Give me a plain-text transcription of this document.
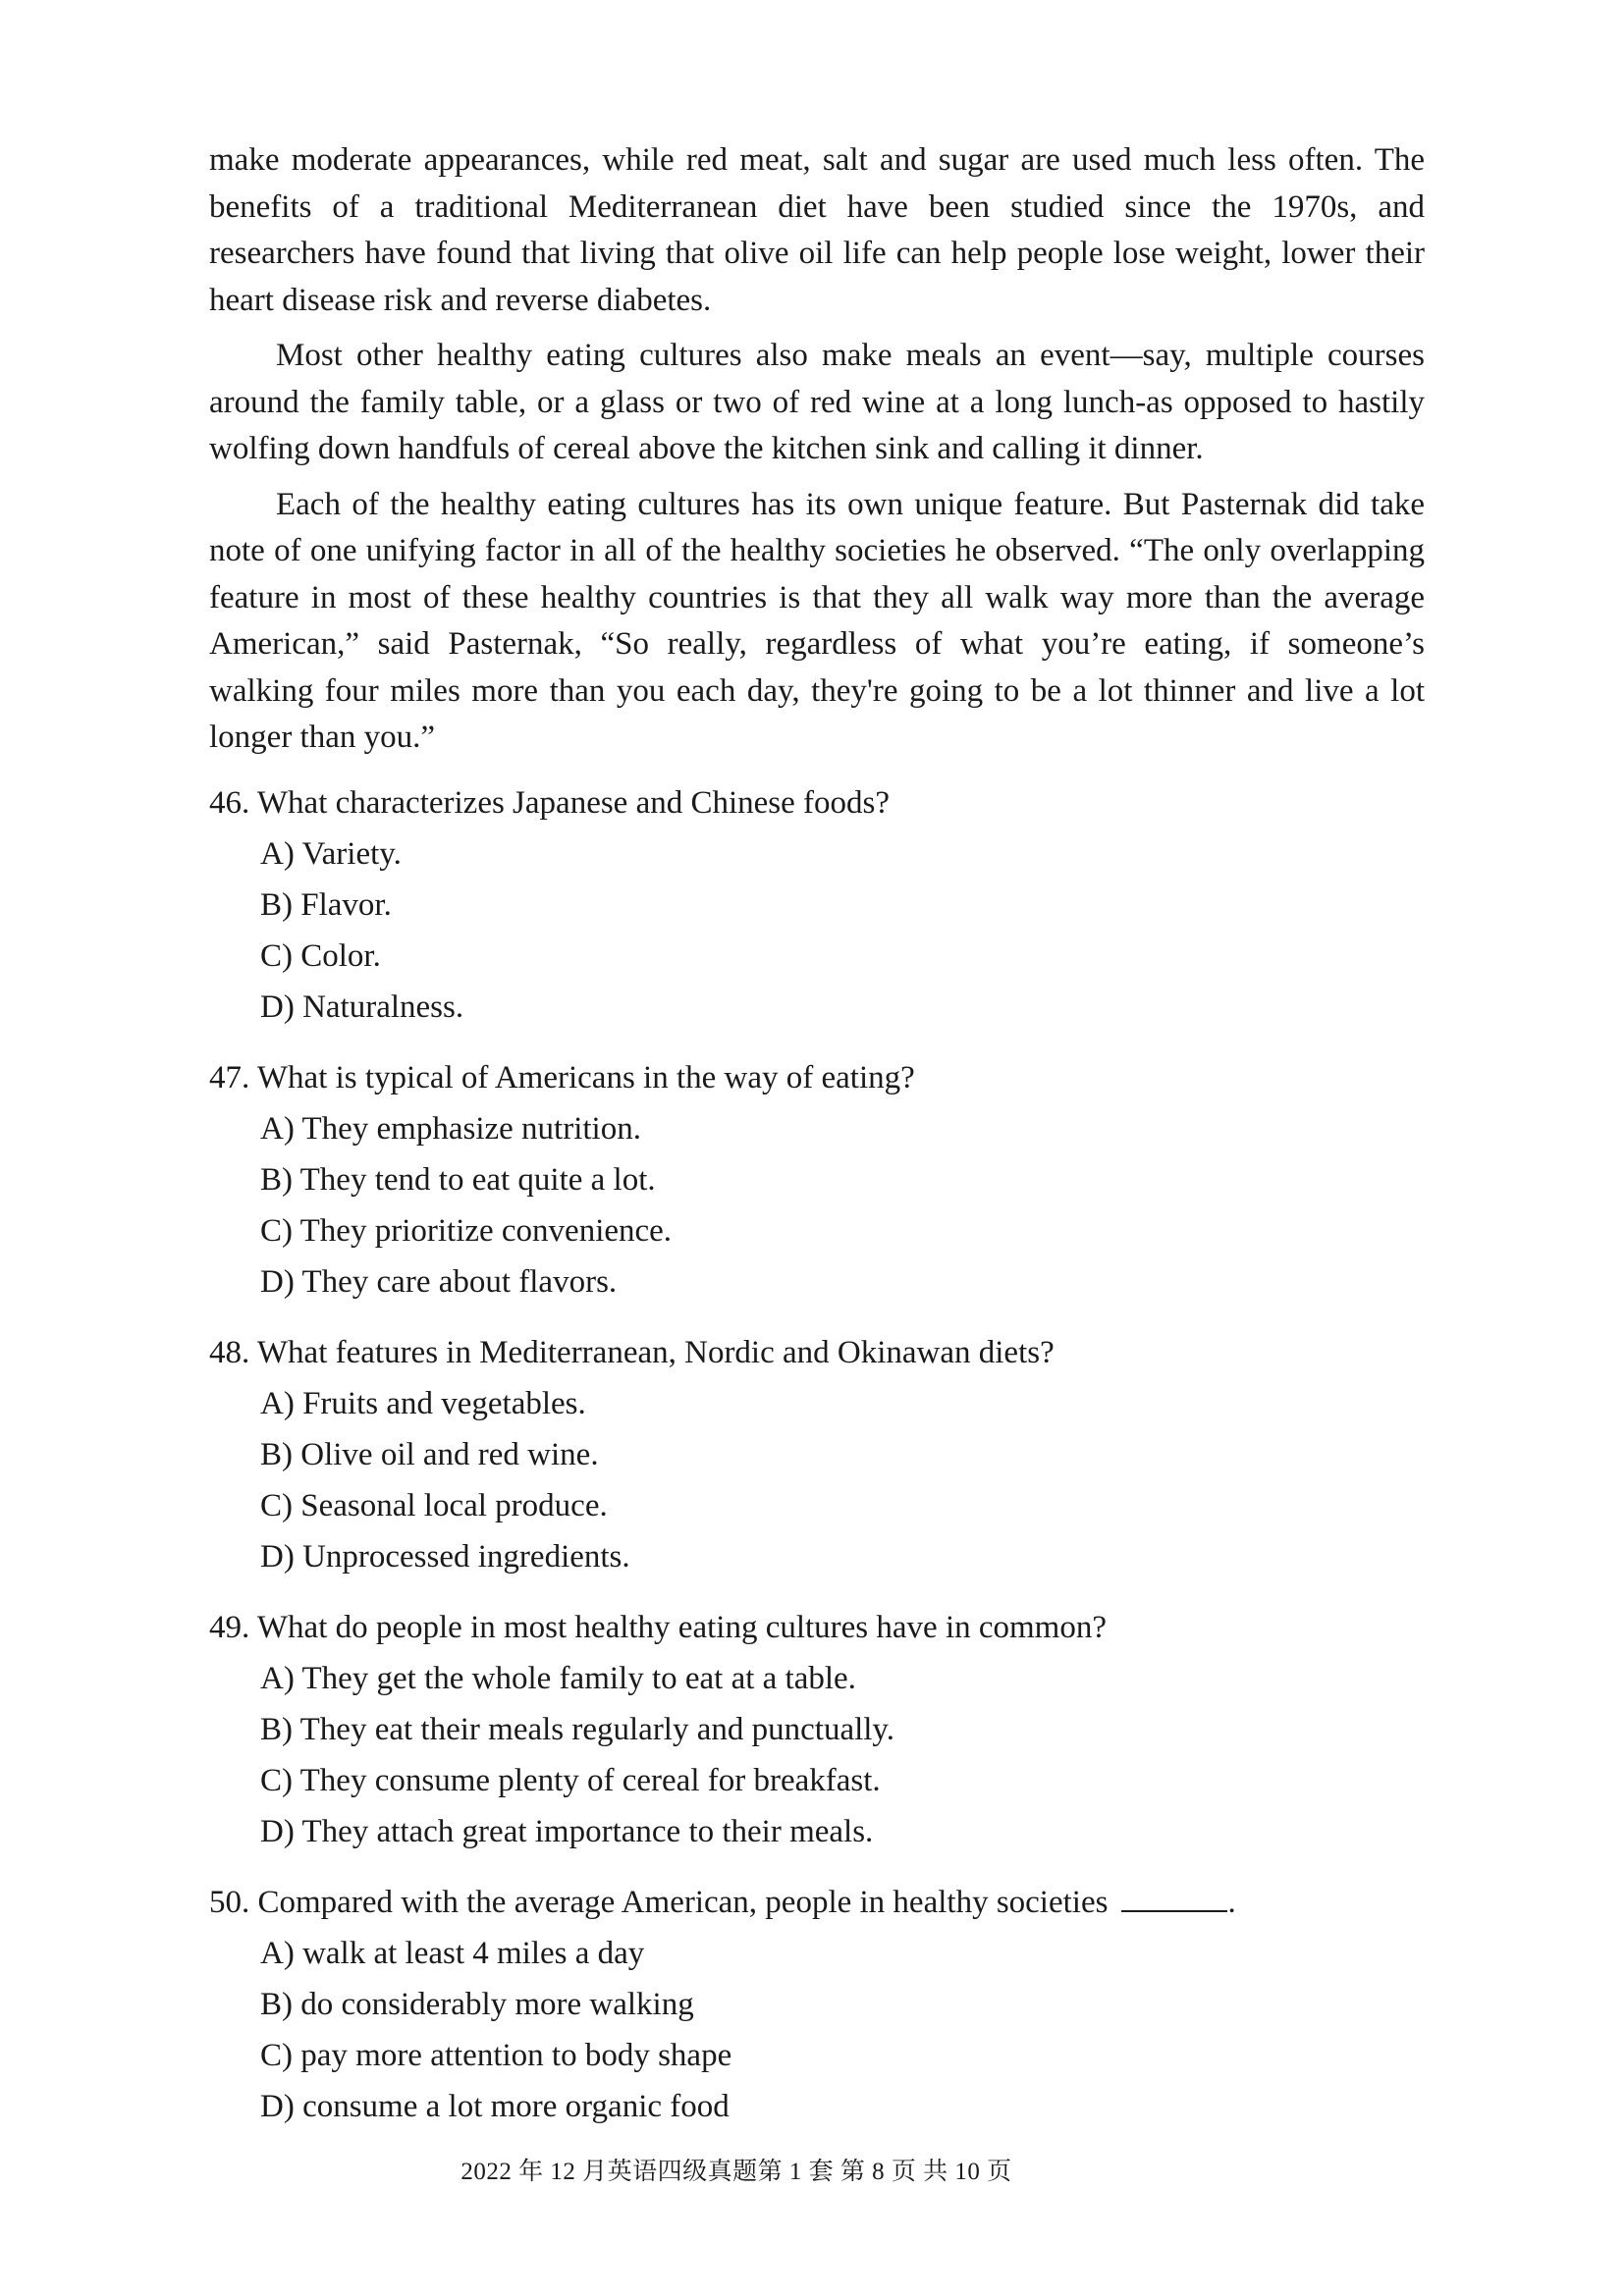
make moderate appearances, while red meat, salt and sugar are used much less often. The benefits of a traditional Mediterranean diet have been studied since the 1970s, and researchers have found that living that olive oil life can help people lose weight, lower their heart disease risk and reverse diabetes.

Most other healthy eating cultures also make meals an event—say, multiple courses around the family table, or a glass or two of red wine at a long lunch-as opposed to hastily wolfing down handfuls of cereal above the kitchen sink and calling it dinner.

Each of the healthy eating cultures has its own unique feature. But Pasternak did take note of one unifying factor in all of the healthy societies he observed. “The only overlapping feature in most of these healthy countries is that they all walk way more than the average American,” said Pasternak, “So really, regardless of what you’re eating, if someone’s walking four miles more than you each day, they're going to be a lot thinner and live a lot longer than you.”

46. What characterizes Japanese and Chinese foods?

A) Variety.
B) Flavor.
C) Color.
D) Naturalness.

47. What is typical of Americans in the way of eating?

A) They emphasize nutrition.
B) They tend to eat quite a lot.
C) They prioritize convenience.
D) They care about flavors.

48. What features in Mediterranean, Nordic and Okinawan diets?

A) Fruits and vegetables.
B) Olive oil and red wine.
C) Seasonal local produce.
D) Unprocessed ingredients.

49. What do people in most healthy eating cultures have in common?

A) They get the whole family to eat at a table.
B) They eat their meals regularly and punctually.
C) They consume plenty of cereal for breakfast.
D) They attach great importance to their meals.

50. Compared with the average American, people in healthy societies	.

A) walk at least 4 miles a day
B) do considerably more walking
C) pay more attention to body shape
D) consume a lot more organic food
2022 年 12 月英语四级真题第 1 套 第 8 页 共 10 页
